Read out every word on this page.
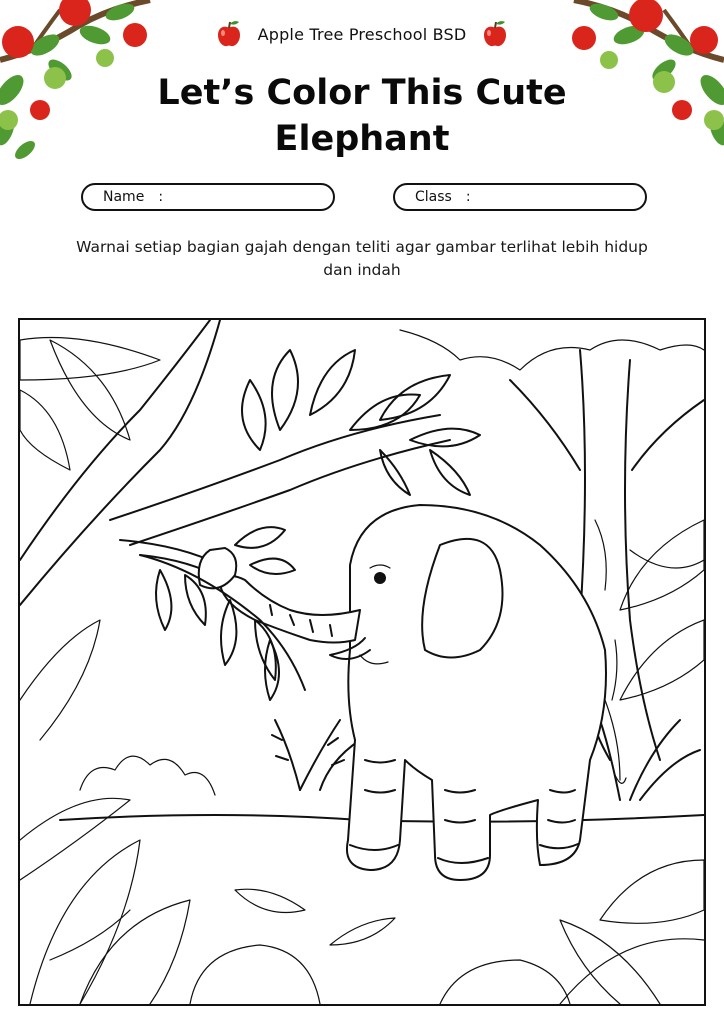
Apple Tree Preschool BSD
Let’s Color This Cute Elephant
Name :	Class :

Warnai setiap bagian gajah dengan teliti agar gambar terlihat lebih hidup dan indah
